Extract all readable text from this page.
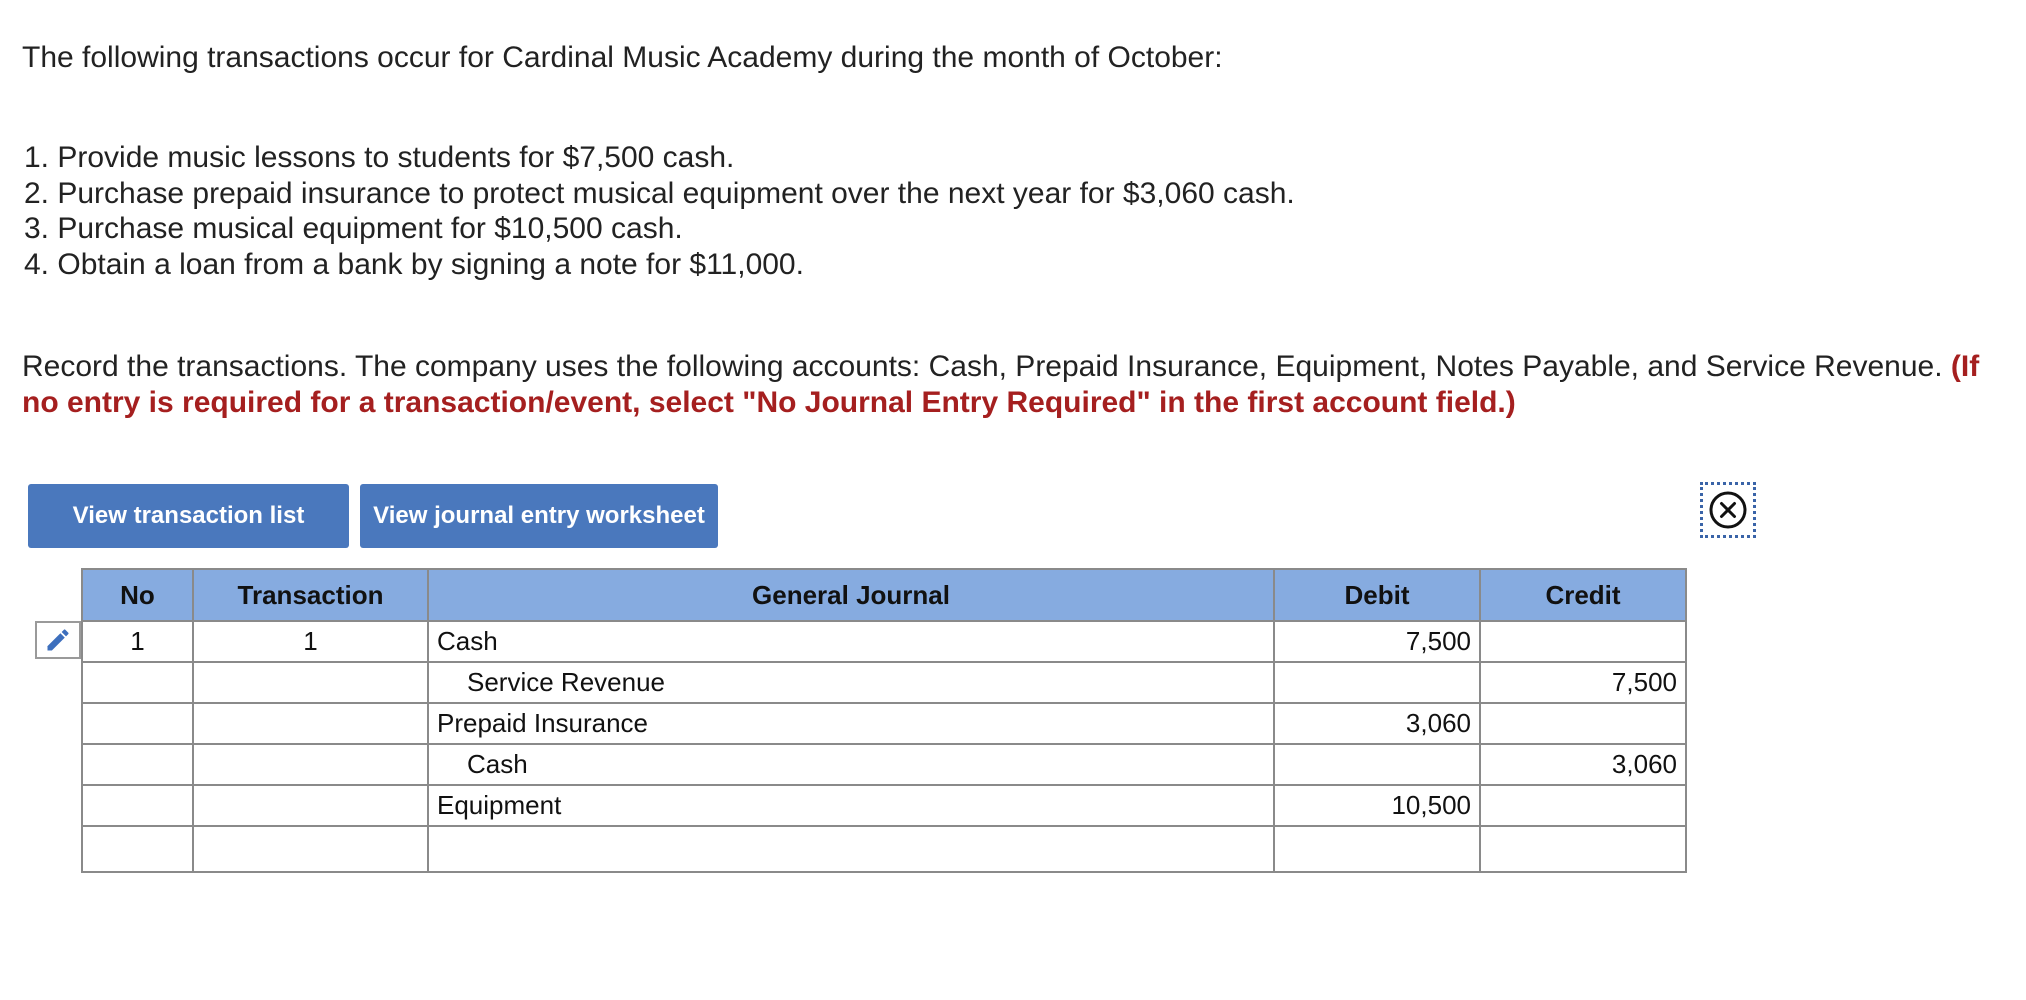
The following transactions occur for Cardinal Music Academy during the month of October:

1. Provide music lessons to students for $7,500 cash.
2. Purchase prepaid insurance to protect musical equipment over the next year for $3,060 cash.
3. Purchase musical equipment for $10,500 cash.
4. Obtain a loan from a bank by signing a note for $11,000.

Record the transactions. The company uses the following accounts: Cash, Prepaid Insurance, Equipment, Notes Payable, and Service Revenue. (If no entry is required for a transaction/event, select "No Journal Entry Required" in the first account field.)

View transaction list	View journal entry worksheet
No	Transaction	General Journal	Debit	Credit
1	1	Cash	7,500	
		Service Revenue		7,500
		Prepaid Insurance	3,060	
		Cash		3,060
		Equipment	10,500	
